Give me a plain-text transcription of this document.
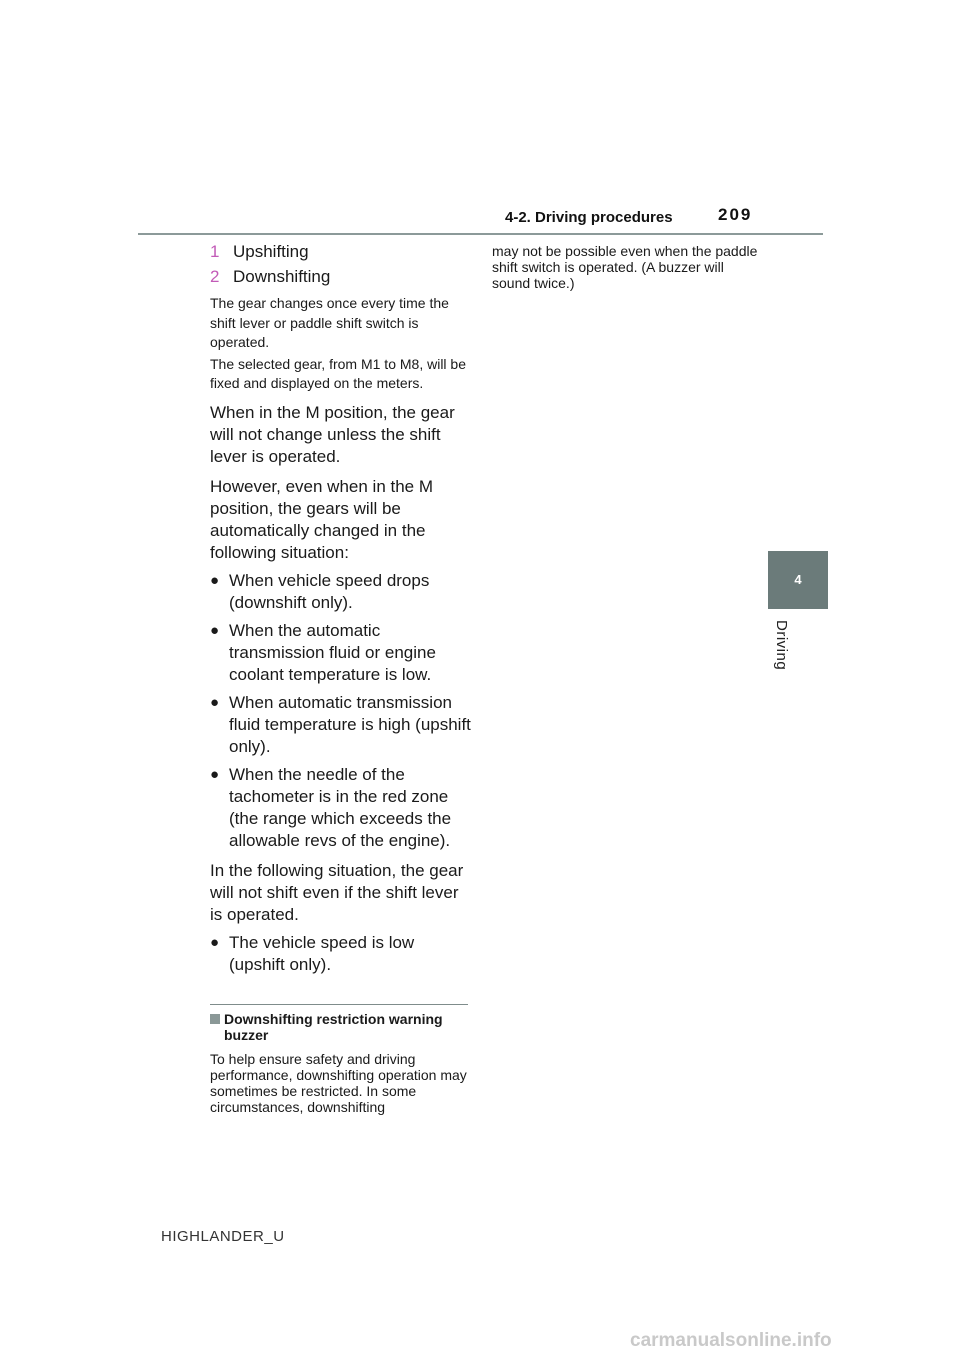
4-2. Driving procedures	209
4
Driving

1 Upshifting

2 Downshifting

The gear changes once every time the shift lever or paddle shift switch is operated.

The selected gear, from M1 to M8, will be fixed and displayed on the meters.

When in the M position, the gear will not change unless the shift lever is operated.

However, even when in the M position, the gears will be automatically changed in the following situation:

● When vehicle speed drops (downshift only).

● When the automatic transmission fluid or engine coolant temperature is low.

● When automatic transmission fluid temperature is high (upshift only).

● When the needle of the tachometer is in the red zone (the range which exceeds the allowable revs of the engine).

In the following situation, the gear will not shift even if the shift lever is operated.

● The vehicle speed is low (upshift only).

Downshifting restriction warning buzzer

To help ensure safety and driving performance, downshifting operation may sometimes be restricted. In some circumstances, downshifting

may not be possible even when the paddle shift switch is operated. (A buzzer will sound twice.)

HIGHLANDER_U
carmanualsonline.info
